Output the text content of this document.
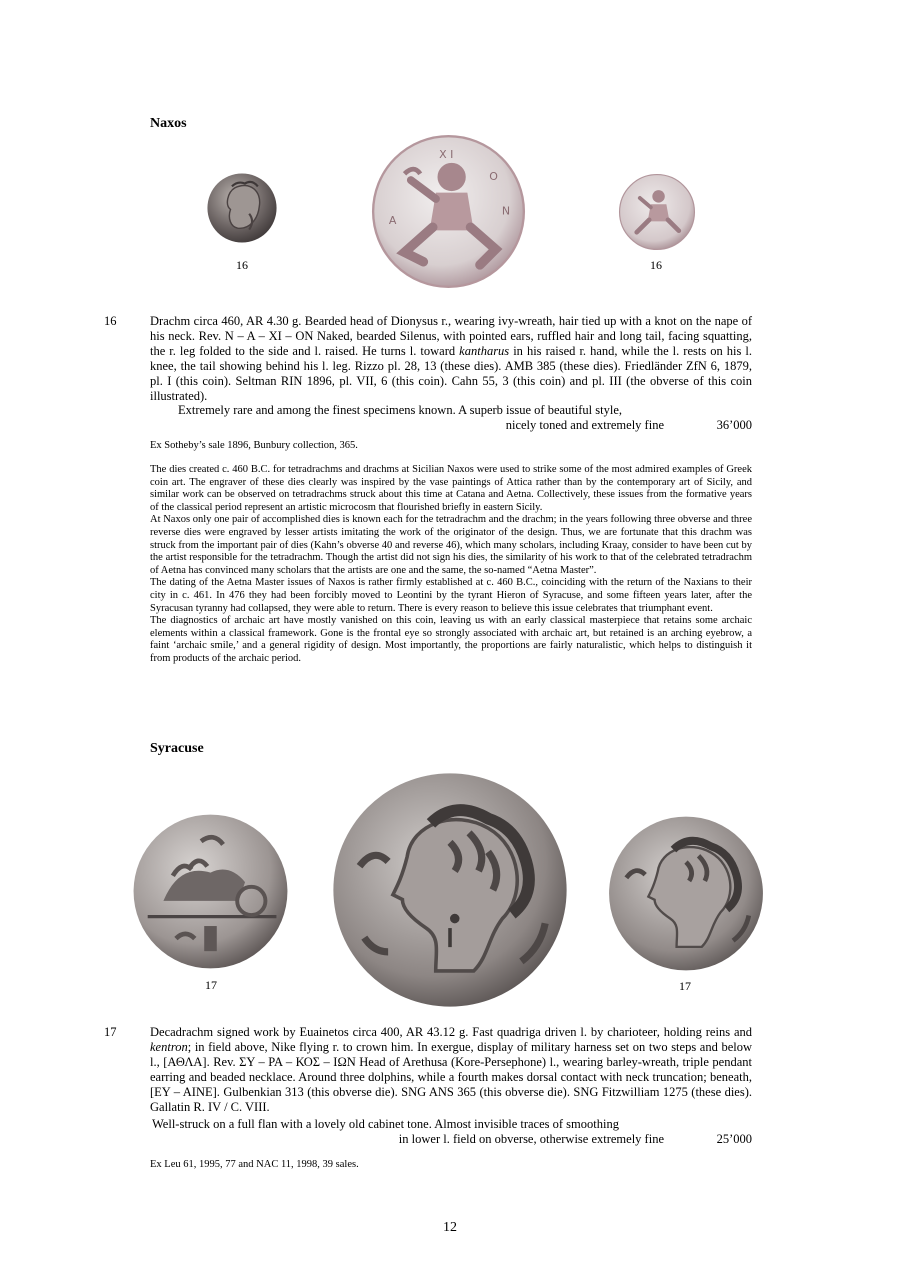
Naxos
X I
O
N
A
16	16
16	Drachm circa 460, AR 4.30 g. Bearded head of Dionysus r., wearing ivy-wreath, hair tied up with a knot on the nape of his neck. Rev. N – A – XI – ON Naked, bearded Silenus, with pointed ears, ruffled hair and long tail, facing squatting, the r. leg folded to the side and l. raised. He turns l. toward kantharus in his raised r. hand, while the l. rests on his l. knee, the tail showing behind his l. leg. Rizzo pl. 28, 13 (these dies). AMB 385 (these dies). Friedländer ZfN 6, 1879, pl. I (this coin). Seltman RIN 1896, pl. VII, 6 (this coin). Cahn 55, 3 (this coin) and pl. III (the obverse of this coin illustrated).
Extremely rare and among the finest specimens known. A superb issue of beautiful style,
nicely toned and extremely fine	36’000
Ex Sotheby’s sale 1896, Bunbury collection, 365.

The dies created c. 460 B.C. for tetradrachms and drachms at Sicilian Naxos were used to strike some of the most admired examples of Greek coin art. The engraver of these dies clearly was inspired by the vase paintings of Attica rather than by the contemporary art of Sicily, and similar work can be observed on tetradrachms struck about this time at Catana and Aetna. Collectively, these issues from the formative years of the classical period represent an artistic microcosm that flourished briefly in eastern Sicily.

At Naxos only one pair of accomplished dies is known each for the tetradrachm and the drachm; in the years following three obverse and three reverse dies were engraved by lesser artists imitating the work of the originator of the design. Thus, we are fortunate that this drachm was struck from the important pair of dies (Kahn’s obverse 40 and reverse 46), which many scholars, including Kraay, consider to have been cut by the artist responsible for the tetradrachm. Though the artist did not sign his dies, the similarity of his work to that of the celebrated tetradrachm of Aetna has convinced many scholars that the artists are one and the same, the so-named “Aetna Master”.

The dating of the Aetna Master issues of Naxos is rather firmly established at c. 460 B.C., coinciding with the return of the Naxians to their city in c. 461. In 476 they had been forcibly moved to Leontini by the tyrant Hieron of Syracuse, and some fifteen years later, after the Syracusan tyranny had collapsed, they were able to return. There is every reason to believe this issue celebrates that triumphant event.

The diagnostics of archaic art have mostly vanished on this coin, leaving us with an early classical masterpiece that retains some archaic elements within a classical framework. Gone is the frontal eye so strongly associated with archaic art, but retained is an arching eyebrow, a faint ‘archaic smile,’ and a general rigidity of design. Most importantly, the proportions are fairly naturalistic, which helps to distinguish it from products of the archaic period.

Syracuse
17	17
17	Decadrachm signed work by Euainetos circa 400, AR 43.12 g. Fast quadriga driven l. by charioteer, holding reins and kentron; in field above, Nike flying r. to crown him. In exergue, display of military harness set on two steps and below l., [ΑΘΛΑ]. Rev. ΣΥ – ΡΑ – ΚΟΣ – ΙΩΝ Head of Arethusa (Kore-Persephone) l., wearing barley-wreath, triple pendant earring and beaded necklace. Around three dolphins, while a fourth makes dorsal contact with neck truncation; beneath, [ΕΥ – ΑΙΝΕ]. Gulbenkian 313 (this obverse die). SNG ANS 365 (this obverse die). SNG Fitzwilliam 1275 (these dies). Gallatin R. IV / C. VIII.
Well-struck on a full flan with a lovely old cabinet tone. Almost invisible traces of smoothing
in lower l. field on obverse, otherwise extremely fine	25’000
Ex Leu 61, 1995, 77 and NAC 11, 1998, 39 sales.
12
